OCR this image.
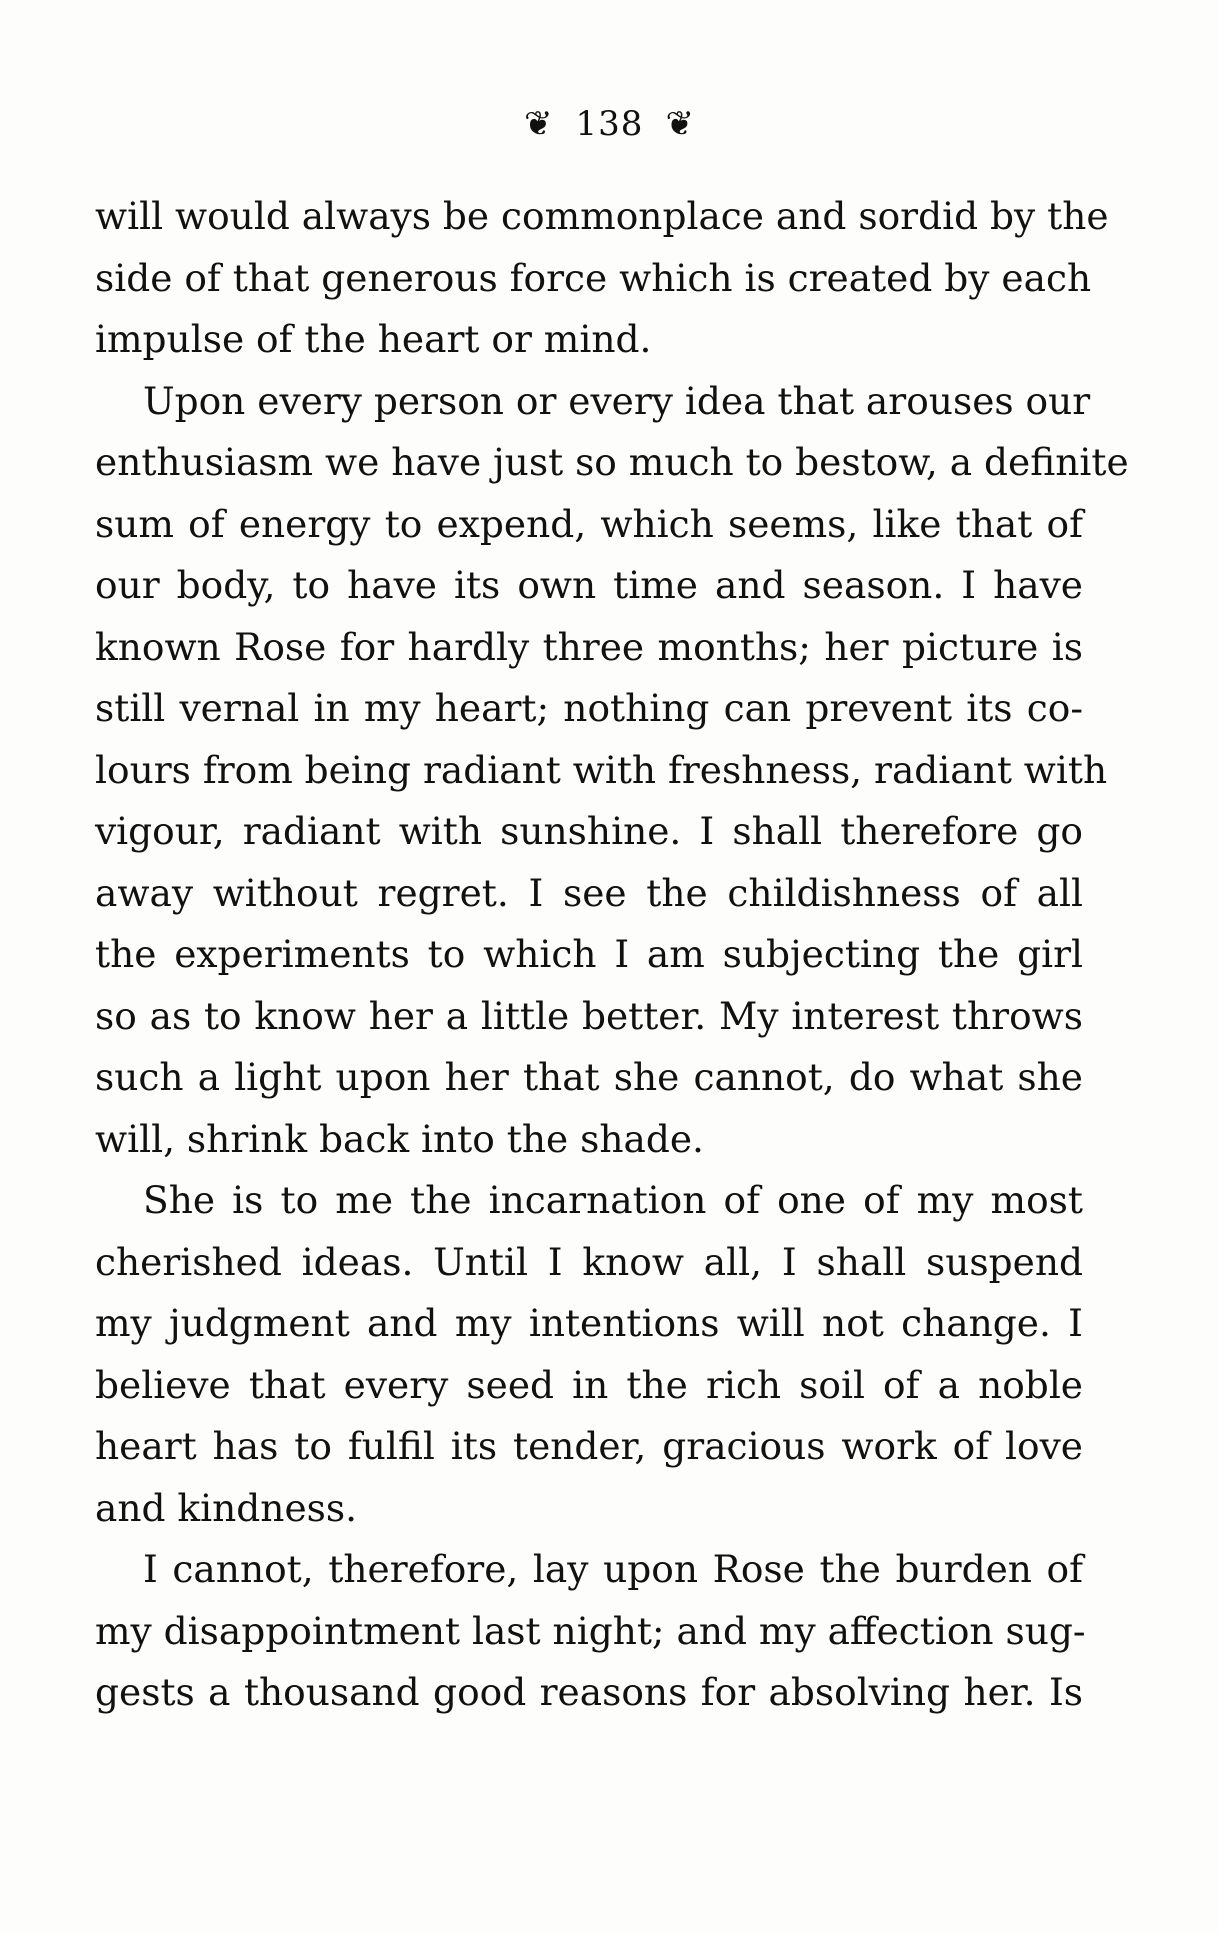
❦ 138 ❦
will would always be commonplace and sordid by the
side of that generous force which is created by each
impulse of the heart or mind.
Upon every person or every idea that arouses our
enthusiasm we have just so much to bestow, a definite
sum of energy to expend, which seems, like that of
our body, to have its own time and season. I have
known Rose for hardly three months; her picture is
still vernal in my heart; nothing can prevent its co-
lours from being radiant with freshness, radiant with
vigour, radiant with sunshine. I shall therefore go
away without regret. I see the childishness of all
the experiments to which I am subjecting the girl
so as to know her a little better. My interest throws
such a light upon her that she cannot, do what she
will, shrink back into the shade.
She is to me the incarnation of one of my most
cherished ideas. Until I know all, I shall suspend
my judgment and my intentions will not change. I
believe that every seed in the rich soil of a noble
heart has to fulfil its tender, gracious work of love
and kindness.
I cannot, therefore, lay upon Rose the burden of
my disappointment last night; and my affection sug-
gests a thousand good reasons for absolving her. Is
